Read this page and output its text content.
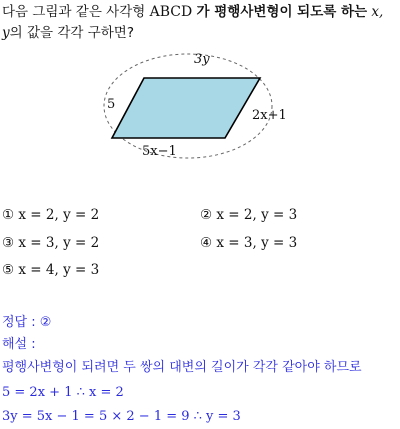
다음 그림과 같은 사각형 ABCD 가 평행사변형이 되도록 하는 x,
y의 값을 각각 구하면?
3y
5
2x+1
5x−1
① x = 2, y = 2	② x = 2, y = 3
③ x = 3, y = 2	④ x = 3, y = 3
⑤ x = 4, y = 3
정답 : ②
해설 :
평행사변형이 되려면 두 쌍의 대변의 길이가 각각 같아야 하므로
5 = 2x + 1 ∴ x = 2
3y = 5x − 1 = 5 × 2 − 1 = 9 ∴ y = 3
